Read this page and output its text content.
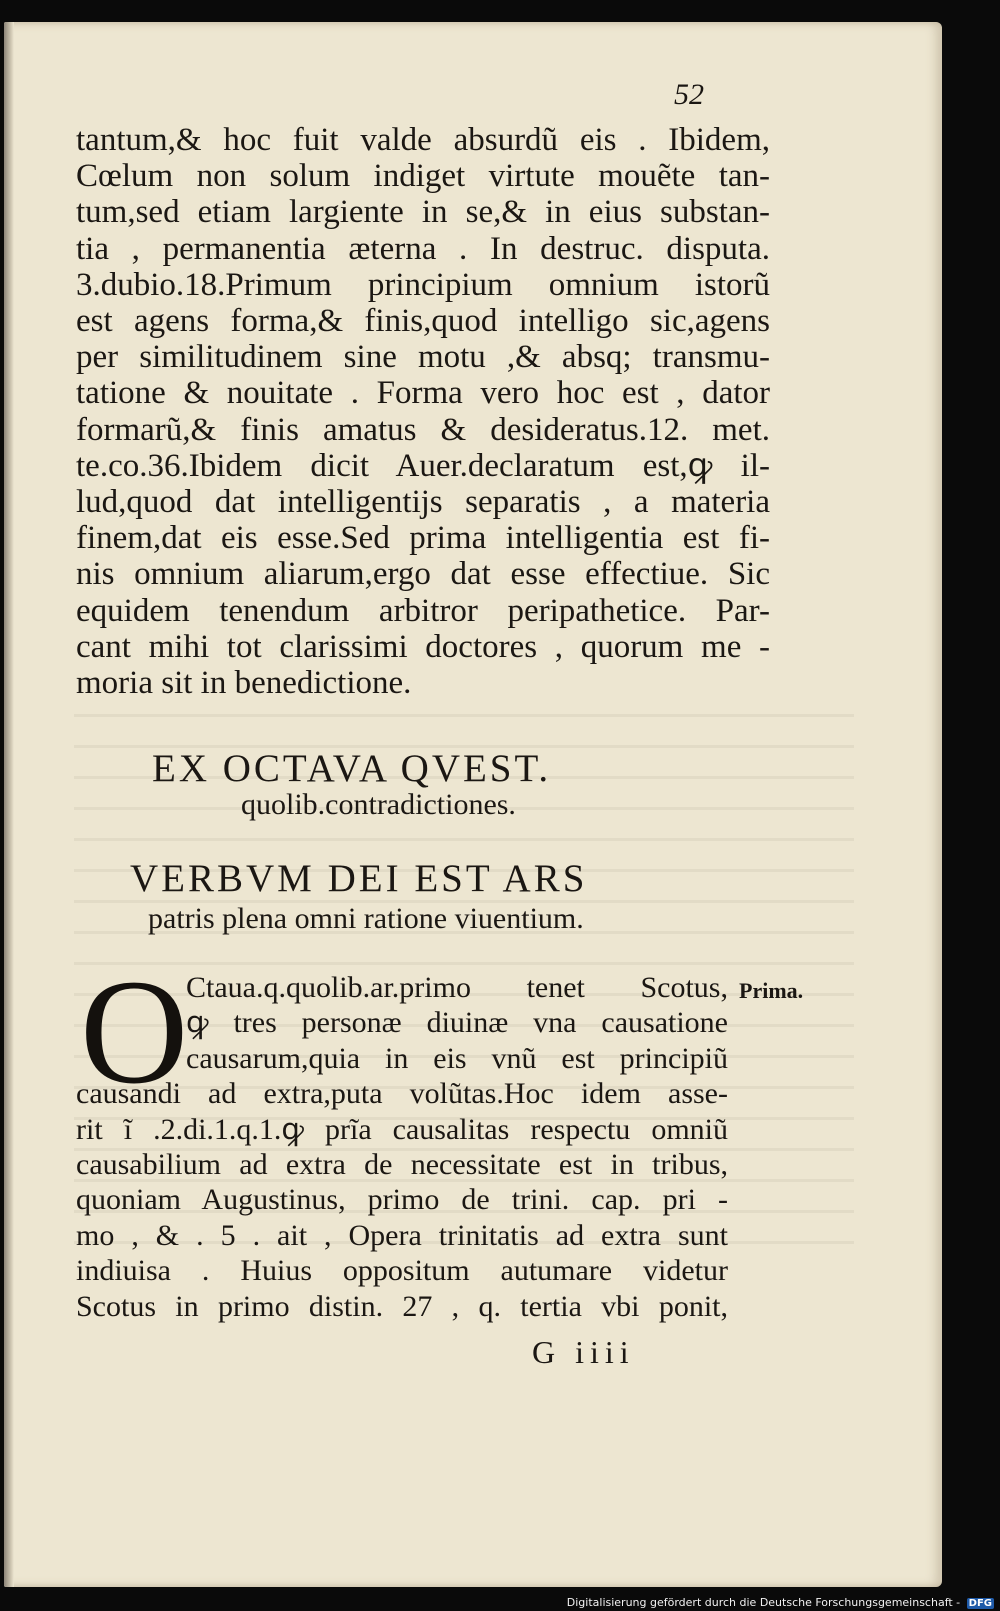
52
tantum,& hoc fuit valde absurdũ eis . Ibidem,
Cœlum non solum indiget virtute mouẽte tan-
tum,sed etiam largiente in se,& in eius substan-
tia , permanentia æterna . In destruc. disputa.
3.dubio.18.Primum principium omnium istorũ
est agens forma,& finis,quod intelligo sic,agens
per similitudinem sine motu ,& absq; transmu-
tatione & nouitate . Forma vero hoc est , dator
formarũ,& finis amatus & desideratus.12. met.
te.co.36.Ibidem dicit Auer.declaratum est,ꝙ il-
lud,quod dat intelligentĳs separatis , a materia
finem,dat eis esse.Sed prima intelligentia est fi-
nis omnium aliarum,ergo dat esse effectiue. Sic
equidem tenendum arbitror peripathetice. Par-
cant mihi tot clarissimi doctores , quorum me -
moria sit in benedictione.
EX OCTAVA QVEST.
quolib.contradictiones.
VERBVM DEI EST ARS
patris plena omni ratione viuentium.
O
Ctaua.q.quolib.ar.primo tenet Scotus,
ꝙ tres personæ diuinæ vna causatione
causarum,quia in eis vnũ est principiũ
causandi ad extra,puta volũtas.Hoc idem asse-
rit ĩ .2.di.1.q.1.ꝙ prĩa causalitas respectu omniũ
causabilium ad extra de necessitate est in tribus,
quoniam Augustinus, primo de trini. cap. pri -
mo , & . 5 . ait , Opera trinitatis ad extra sunt
indiuisa . Huius oppositum autumare videtur
Scotus in primo distin. 27 , q. tertia vbi ponit,
Prima.
G iiii
Digitalisierung gefördert durch die Deutsche Forschungsgemeinschaft - DFG
